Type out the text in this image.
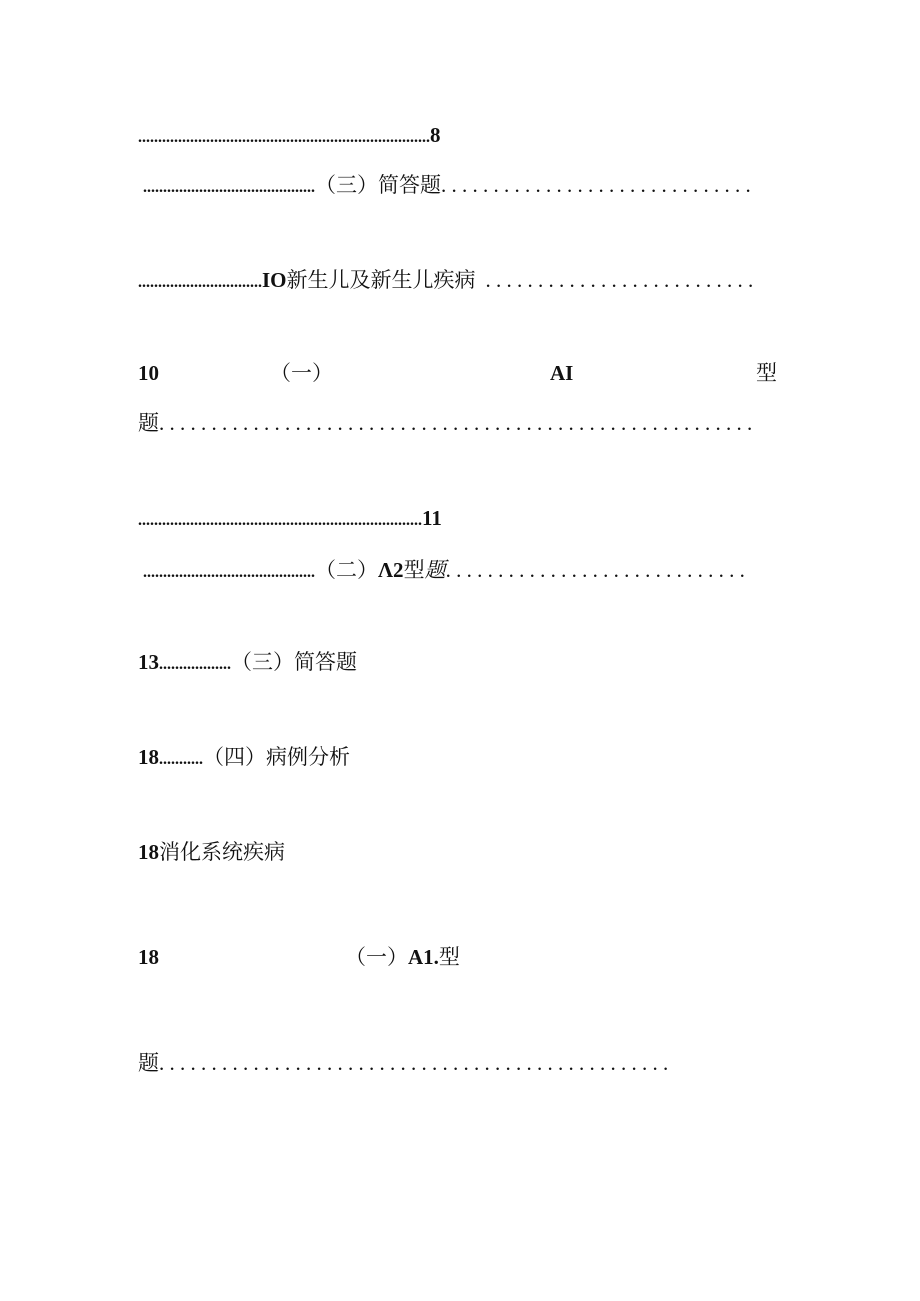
.........................................................................8
...........................................（三）简答题. . . . . . . . . . . . . . . . . . . . . . . . . . . . . .
...............................IO新生儿及新生儿疾病 . . . . . . . . . . . . . . . . . . . . . . . . . .
10	（一）	AI	型
题. . . . . . . . . . . . . . . . . . . . . . . . . . . . . . . . . . . . . . . . . . . . . . . . . . . . . . . . .
.......................................................................11
...........................................（二）Λ2型题. . . . . . . . . . . . . . . . . . . . . . . . . . . . .
13..................（三）简答题
18...........（四）病例分析
18消化系统疾病
18	（一）A1.型
题. . . . . . . . . . . . . . . . . . . . . . . . . . . . . . . . . . . . . . . . . . . . . . . . .
